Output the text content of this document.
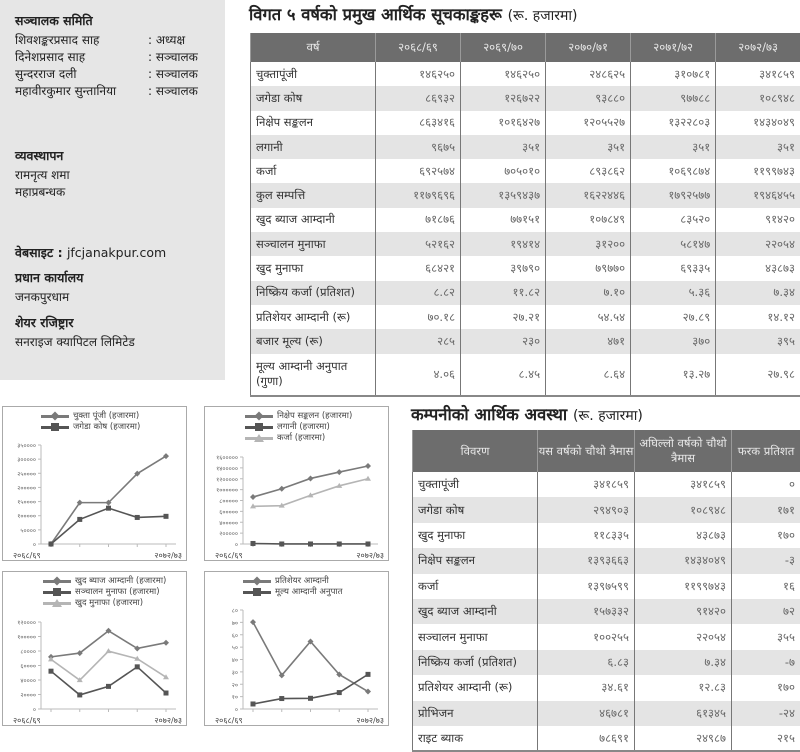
सञ्चालक समिति
शिवशङ्करप्रसाद साह	: अध्यक्ष
दिनेशप्रसाद साह	: सञ्चालक
सुन्दरराज दली	: सञ्चालक
महावीरकुमार सुन्तानिया	: सञ्चालक
व्यवस्थापन
रामनृत्य शमा
महाप्रबन्धक
वेबसाइट : jfcjanakpur.com
प्रधान कार्यालय
जनकपुरधाम
शेयर रजिष्ट्रार
सनराइज क्यापिटल लिमिटेड
विगत ५ वर्षको प्रमुख आर्थिक सूचकाङ्कहरू (रू. हजारमा)
वर्ष	२०६८/६९	२०६९/७०	२०७०/७१	२०७१/७२	२०७२/७३
चुक्तापूंजी	१४६२५०	१४६२५०	२४८६२५	३१०७८१	३४१८५९
जगेडा कोष	८६९३२	१२६७२२	९३८८०	९७७८८	१०८९४८
निक्षेप सङ्कलन	८६३४१६	१०१६४२७	१२०५५२७	१३२२८०३	१४३४०४९
लगानी	९६७५	३५१	३५१	३५१	३५१
कर्जा	६९२५७४	७०५०१०	८९३८६२	१०६९८७४	११९९७४३
कुल सम्पत्ति	११७९६९६	१३५९४३७	१६२२४४६	१७९२५७७	१९४६४५५
खुद ब्याज आम्दानी	७१८७६	७७१५१	१०७८४९	८३५२०	९१४२०
सञ्चालन मुनाफा	५२१६२	१९४१४	३१२००	५८१४७	२२०५४
खुद मुनाफा	६८४२१	३९७९०	७९७७०	६९३३५	४३८७३
निष्क्रिय कर्जा (प्रतिशत)	८.८२	११.८२	७.१०	५.३६	७.३४
प्रतिशेयर आम्दानी (रू)	७०.१८	२७.२१	५४.५४	२७.८९	१४.१२
बजार मूल्य (रू)	२८५	२३०	४७१	३७०	३९५
मूल्य आम्दानी अनुपात (गुणा)	४.०६	८.४५	८.६४	१३.२७	२७.९८
कम्पनीको आर्थिक अवस्था (रू. हजारमा)
विवरण	यस वर्षको चौथो त्रैमास	अघिल्लो वर्षको चौथो त्रैमास	फरक प्रतिशत
चुक्तापूंजी	३४१८५९	३४१८५९	०
जगेडा कोष	२९४९०३	१०८९४८	१७१
खुद मुनाफा	११८३३५	४३८७३	१७०
निक्षेप सङ्कलन	१३९३६६३	१४३४०४९	-३
कर्जा	१३९७५९९	११९९७४३	१६
खुद ब्याज आम्दानी	१५७३३२	९१४२०	७२
सञ्चालन मुनाफा	१००२५५	२२०५४	३५५
निष्क्रिय कर्जा (प्रतिशत)	६.८३	७.३४	-७
प्रतिशेयर आम्दानी (रू)	३४.६१	१२.८३	१७०
प्रोभिजन	४६७८१	६१३४५	-२४
राइट ब्याक	७८६९१	२४९८७	२१५
चुक्ता पूंजी (हजारमा)
जगेडा कोष (हजारमा)
०
५००००
१०००००
१५००००
२०००००
२५००००
३०००००
३५००००
२०६८/६९	२०७२/७३
निक्षेप सङ्कलन (हजारमा)
लगानी (हजारमा)
कर्जा (हजारमा)
०
२०००००
४०००००
६०००००
८०००००
१००००००
१२०००००
१४०००००
१६०००००
२०६८/६९	२०७२/७३
खुद ब्याज आम्दानी (हजारमा)
सञ्चालन मुनाफा (हजारमा)
खुद मुनाफा (हजारमा)
०
२००००
४००००
६००००
८००००
१०००००
१२००००
२०६८/६९	२०७२/७३
प्रतिशेयर आम्दानी
मूल्य आम्दानी अनुपात
०
१०
२०
३०
४०
५०
६०
७०
८०
२०६८/६९	२०७२/७३
